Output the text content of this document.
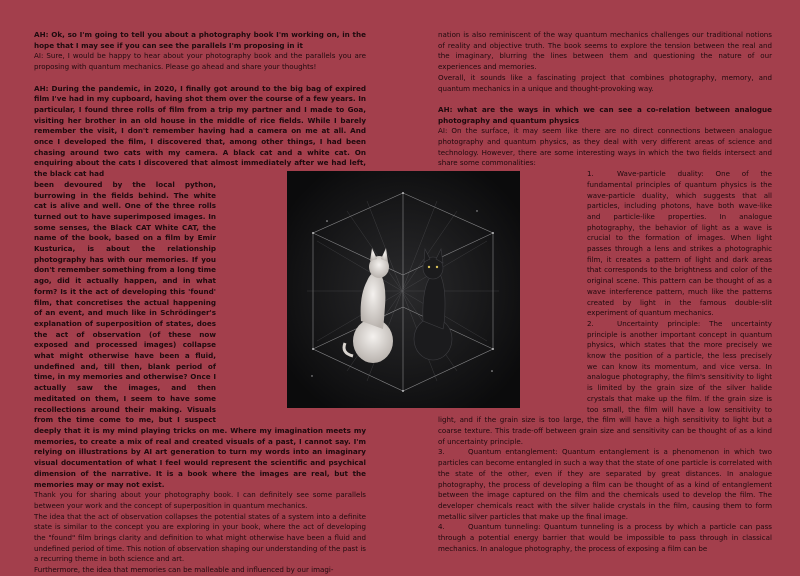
AH: Ok, so I'm going to tell you about a photography book I'm working on, in the hope that I may see if you can see the parallels I'm proposing in it
AI: Sure, I would be happy to hear about your photography book and the parallels you are proposing with quantum mechanics. Please go ahead and share your thoughts!

AH: During the pandemic, in 2020, I finally got around to the big bag of expired film I've had in my cupboard, having shot them over the course of a few years. In particular, I found three rolls of film from a trip my partner and I made to Goa, visiting her brother in an old house in the middle of rice fields. While I barely remember the visit, I don't remember having had a camera on me at all. And once I developed the film, I discovered that, among other things, I had been chasing around two cats with my camera. A black cat and a white cat. On enquiring about the cats I discovered that almost immediately after we had left, the black cat had

been devoured by the local python, burrowing in the fields behind. The white cat is alive and well. One of the three rolls turned out to have superimposed images. In some senses, the Black CAT White CAT, the name of the book, based on a film by Emir Kusturica, is about the relationship photography has with our memories. If you don't remember something from a long time ago, did it actually happen, and in what form? Is it the act of developing this 'found' film, that concretises the actual happening of an event, and much like in Schrödinger's explanation of superposition of states, does the act of observation (of these now exposed and processed images) collapse what might otherwise have been a fluid, undefined and, till then, blank period of time, in my memories and otherwise? Once I actually saw the images, and then meditated on them, I seem to have some recollections around their making. Visuals from the time come to me, but I suspect deeply that it is my mind playing tricks on me. Where my imagination meets my memories, to create a mix of real and created visuals of a past, I cannot say. I'm relying on illustrations by AI art generation to turn my words into an imaginary visual documentation of what I feel would represent the scientific and psychical dimension of the narrative. It is a book where the images are real, but the memories may or may not exist.

Thank you for sharing about your photography book. I can definitely see some parallels between your work and the concept of superposition in quantum mechanics.

The idea that the act of observation collapses the potential states of a system into a definite state is similar to the concept you are exploring in your book, where the act of developing the "found" film brings clarity and definition to what might otherwise have been a fluid and undefined period of time. This notion of observation shaping our understanding of the past is a recurring theme in both science and art.

Furthermore, the idea that memories can be malleable and influenced by our imagi-

nation is also reminiscent of the way quantum mechanics challenges our traditional notions of reality and objective truth. The book seems to explore the tension between the real and the imaginary, blurring the lines between them and questioning the nature of our experiences and memories.

Overall, it sounds like a fascinating project that combines photography, memory, and quantum mechanics in a unique and thought-provoking way.

AH: what are the ways in which we can see a co-relation between analogue photography and quantum physics

AI: On the surface, it may seem like there are no direct connections between analogue photography and quantum physics, as they deal with very different areas of science and technology. However, there are some interesting ways in which the two fields intersect and share some commonalities:

1.	Wave-particle duality: One of the fundamental principles of quantum physics is the wave-particle duality, which suggests that all particles, including photons, have both wave-like and particle-like properties. In analogue photography, the behavior of light as a wave is crucial to the formation of images. When light passes through a lens and strikes a photographic film, it creates a pattern of light and dark areas that corresponds to the brightness and color of the original scene. This pattern can be thought of as a wave interference pattern, much like the patterns created by light in the famous double-slit experiment of quantum mechanics.
2.	Uncertainty principle: The uncertainty principle is another important concept in quantum physics, which states that the more precisely we know the position of a particle, the less precisely we can know its momentum, and vice versa. In analogue photography, the film's sensitivity to light is limited by the grain size of the silver halide crystals that make up the film. If the grain size is too small, the film will have a low sensitivity to light, and if the grain size is too large, the film will have a high sensitivity to light but a coarse texture. This trade-off between grain size and sensitivity can be thought of as a kind of uncertainty principle.
3.	Quantum entanglement: Quantum entanglement is a phenomenon in which two particles can become entangled in such a way that the state of one particle is correlated with the state of the other, even if they are separated by great distances. In analogue photography, the process of developing a film can be thought of as a kind of entanglement between the image captured on the film and the chemicals used to develop the film. The developer chemicals react with the silver halide crystals in the film, causing them to form metallic silver particles that make up the final image.
4.	Quantum tunneling: Quantum tunneling is a process by which a particle can pass through a potential energy barrier that would be impossible to pass through in classical mechanics. In analogue photography, the process of exposing a film can be
